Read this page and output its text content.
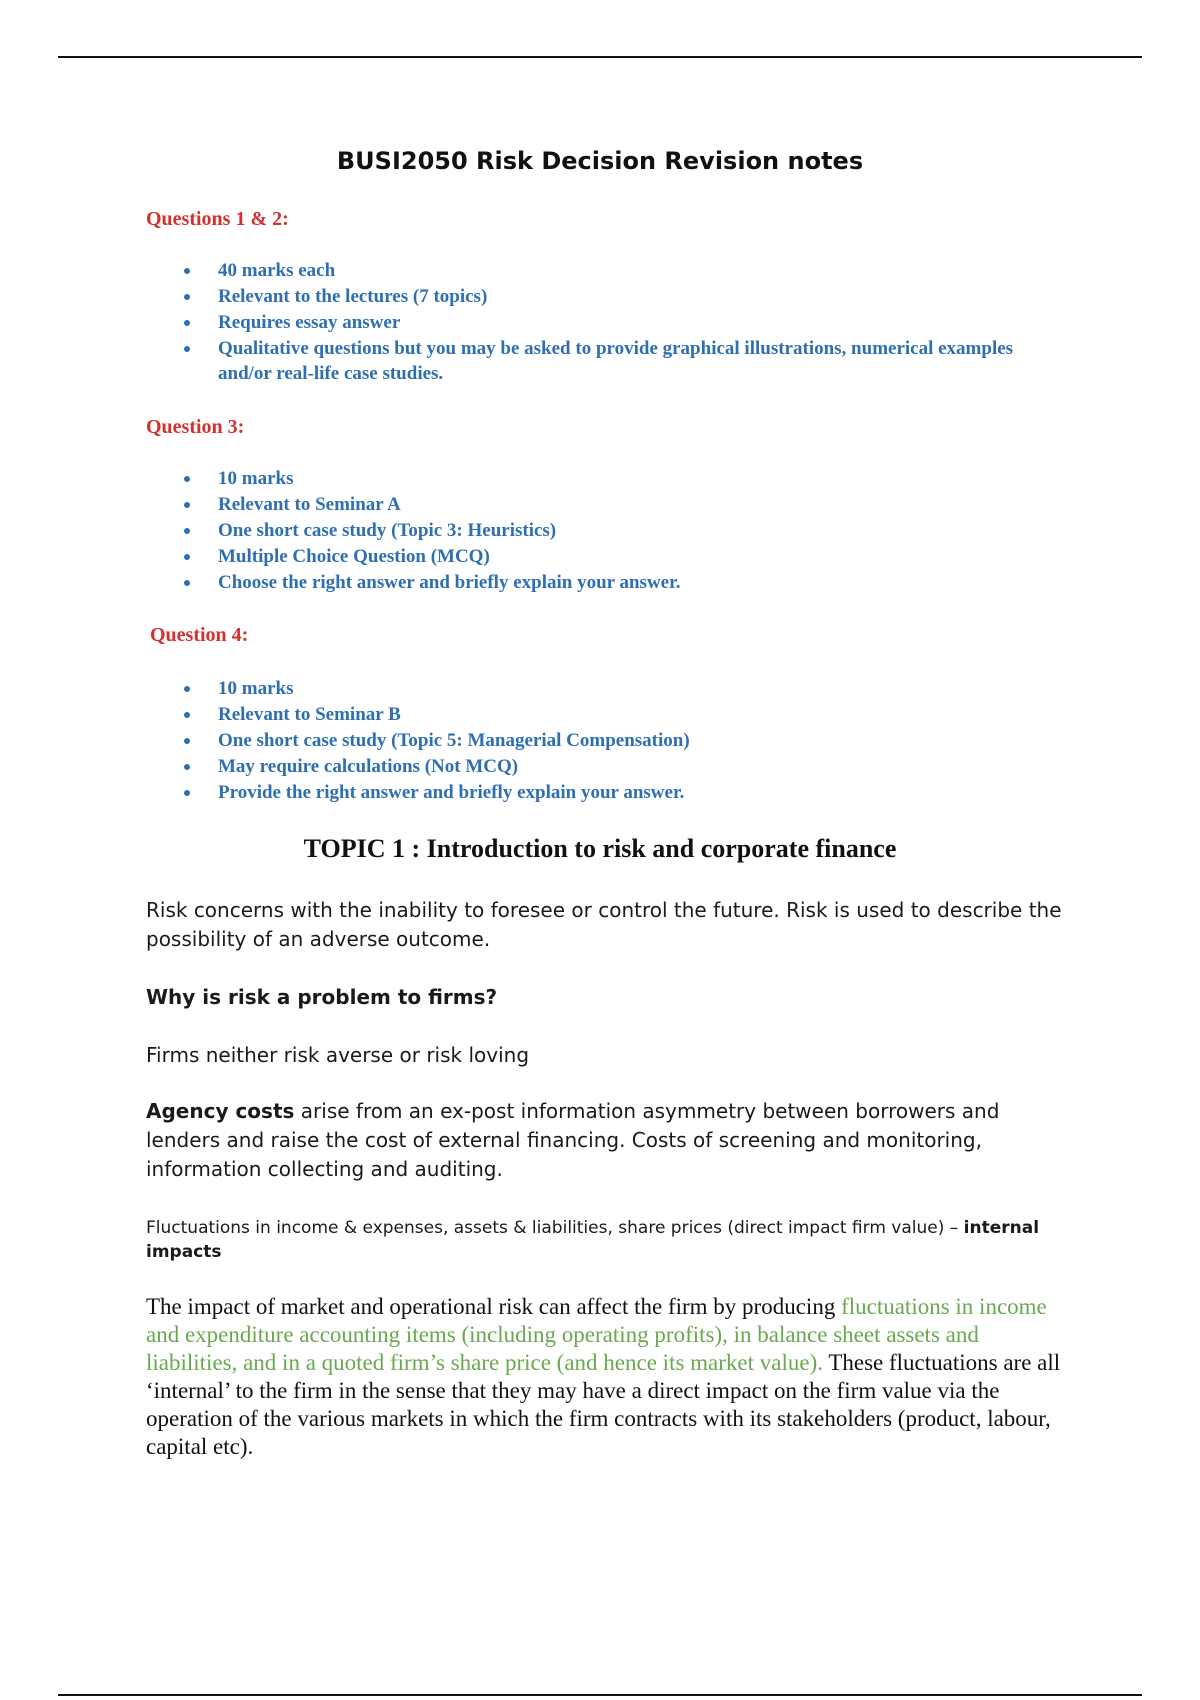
BUSI2050 Risk Decision Revision notes
Questions 1 & 2:
40 marks each
Relevant to the lectures (7 topics)
Requires essay answer
Qualitative questions but you may be asked to provide graphical illustrations, numerical examples and/or real-life case studies.
Question 3:
10 marks
Relevant to Seminar A
One short case study (Topic 3: Heuristics)
Multiple Choice Question (MCQ)
Choose the right answer and briefly explain your answer.
Question 4:
10 marks
Relevant to Seminar B
One short case study (Topic 5: Managerial Compensation)
May require calculations (Not MCQ)
Provide the right answer and briefly explain your answer.
TOPIC 1 : Introduction to risk and corporate finance
Risk concerns with the inability to foresee or control the future. Risk is used to describe the possibility of an adverse outcome.
Why is risk a problem to firms?
Firms neither risk averse or risk loving
Agency costs arise from an ex-post information asymmetry between borrowers and lenders and raise the cost of external financing. Costs of screening and monitoring, information collecting and auditing.
Fluctuations in income & expenses, assets & liabilities, share prices (direct impact firm value) – internal impacts
The impact of market and operational risk can affect the firm by producing fluctuations in income and expenditure accounting items (including operating profits), in balance sheet assets and liabilities, and in a quoted firm’s share price (and hence its market value). These fluctuations are all ‘internal’ to the firm in the sense that they may have a direct impact on the firm value via the operation of the various markets in which the firm contracts with its stakeholders (product, labour, capital etc).
